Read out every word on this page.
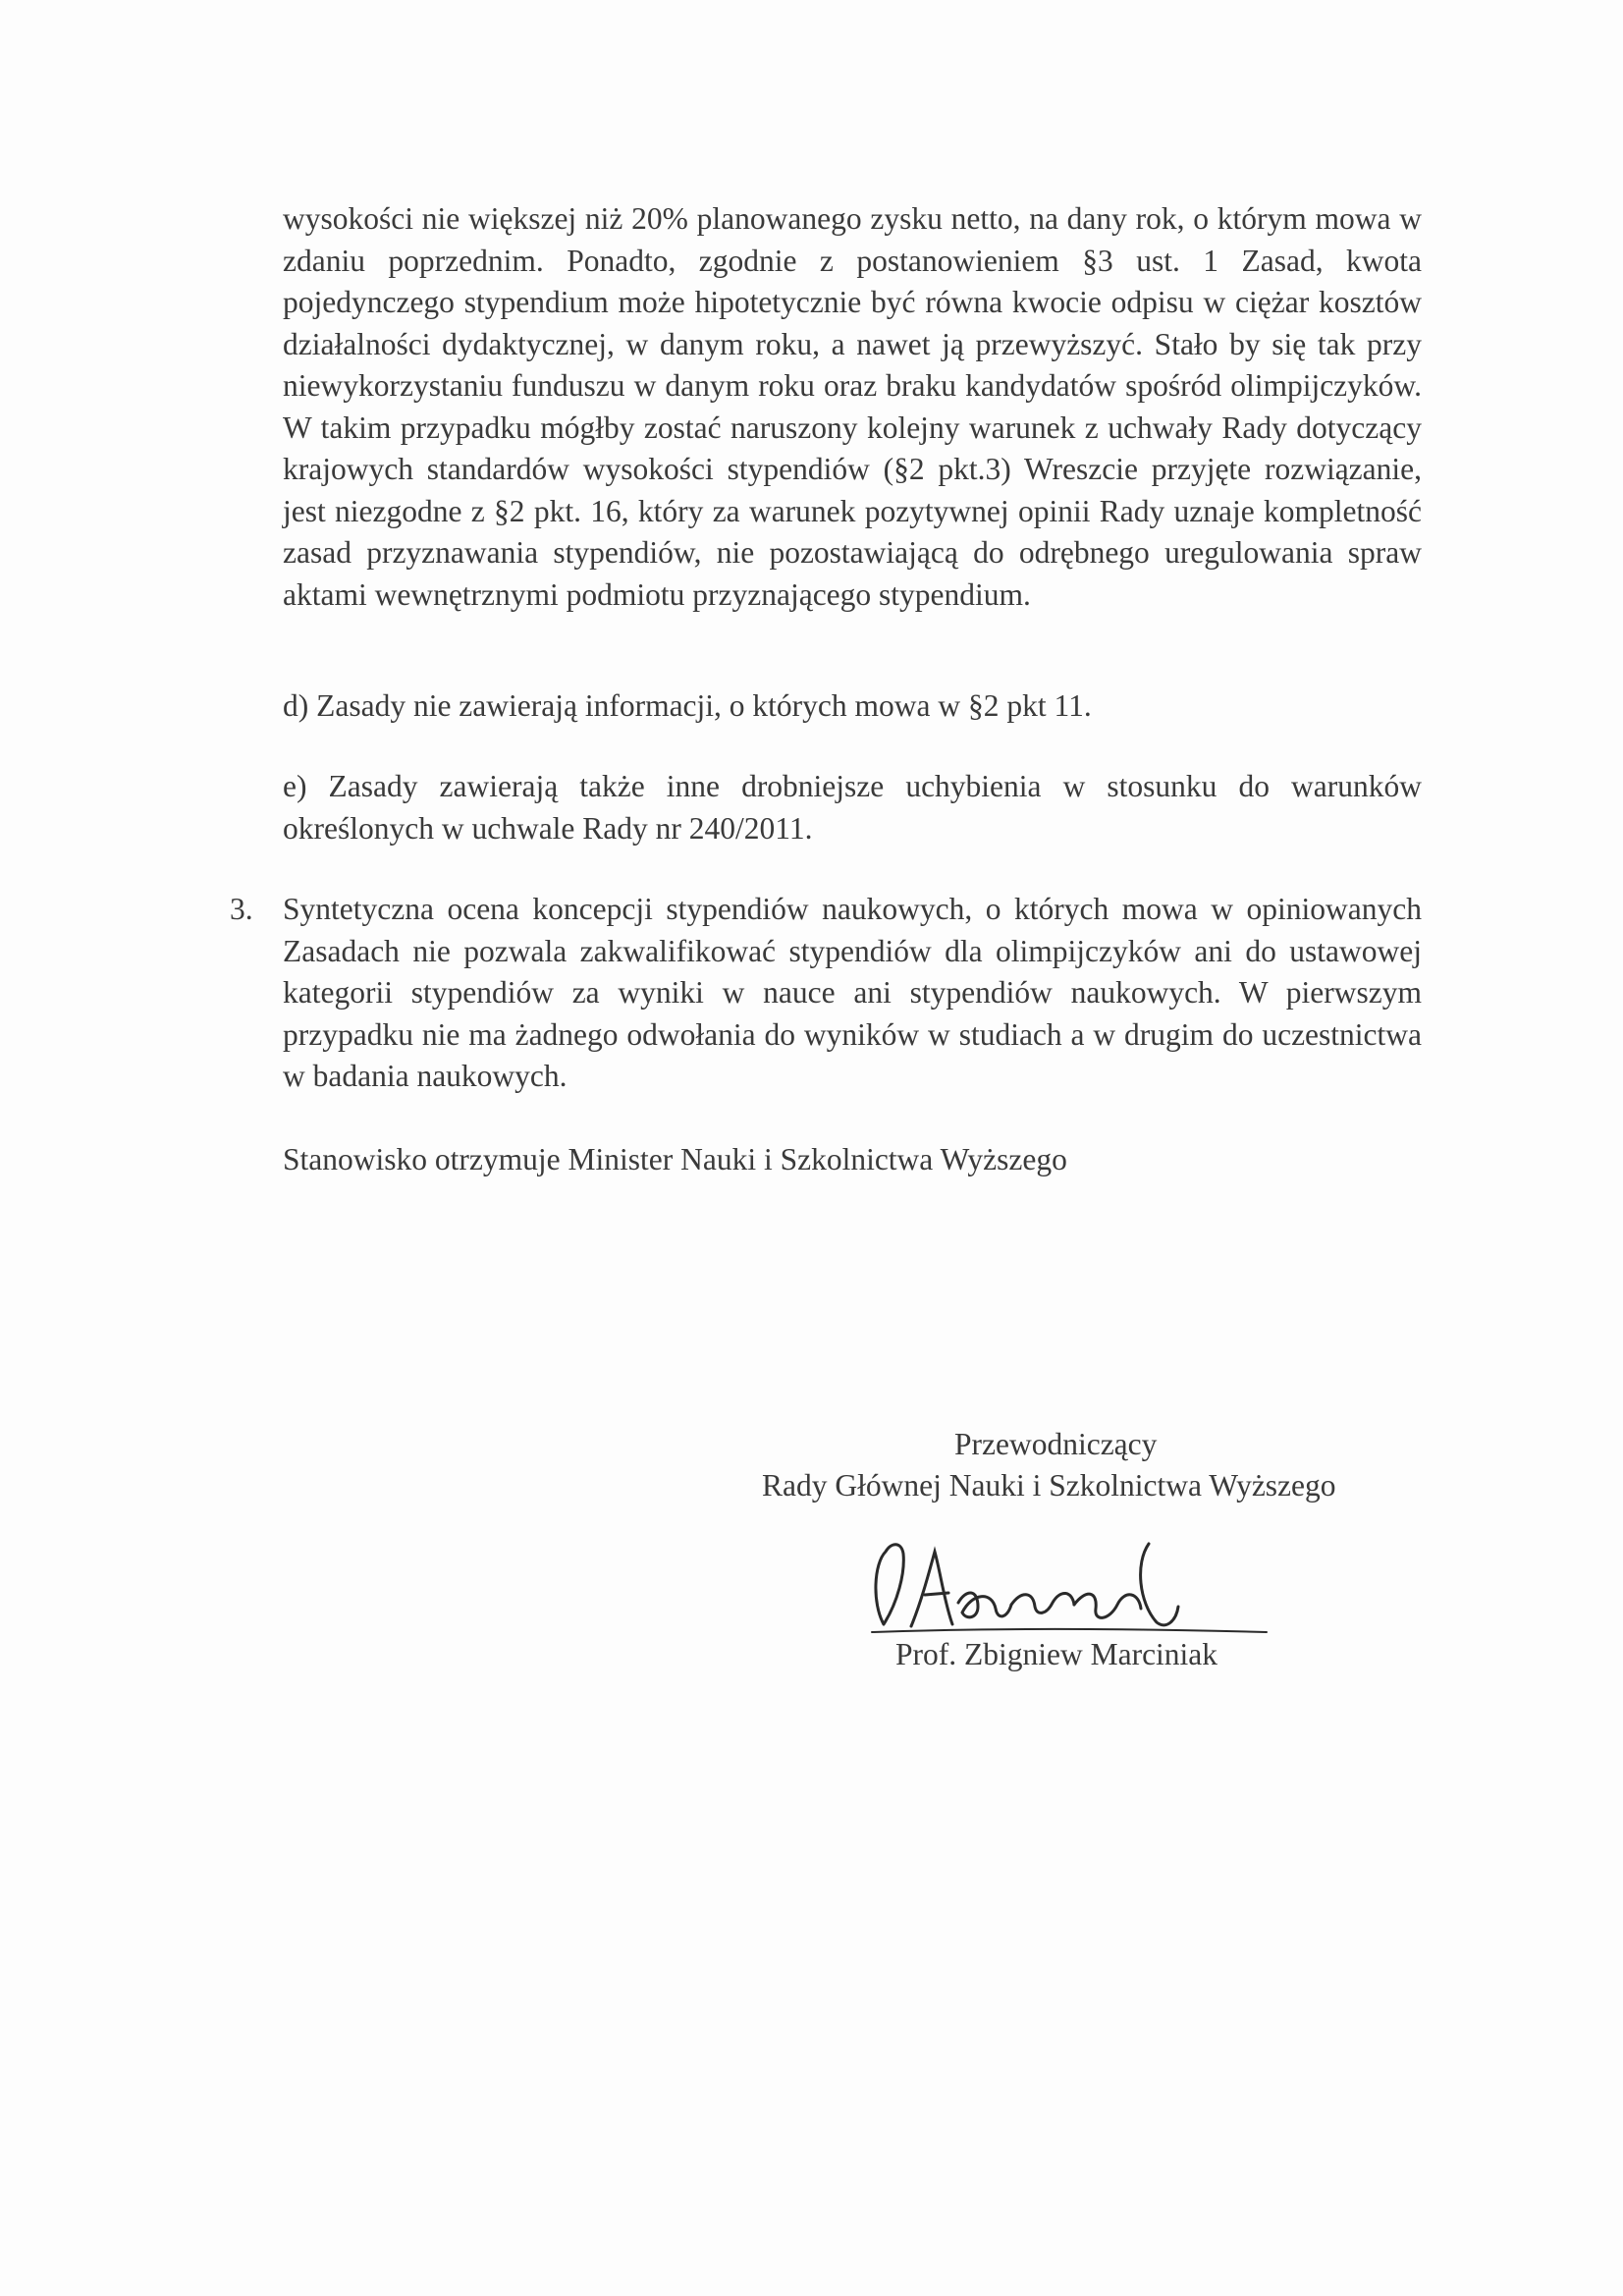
wysokości nie większej niż 20% planowanego zysku netto, na dany rok, o którym mowa w zdaniu poprzednim. Ponadto, zgodnie z postanowieniem §3 ust. 1 Zasad, kwota pojedynczego stypendium może hipotetycznie być równa kwocie odpisu w ciężar kosztów działalności dydaktycznej, w danym roku, a nawet ją przewyższyć. Stało by się tak przy niewykorzystaniu funduszu w danym roku oraz braku kandydatów spośród olimpijczyków. W takim przypadku mógłby zostać naruszony kolejny warunek z uchwały Rady dotyczący krajowych standardów wysokości stypendiów (§2 pkt.3) Wreszcie przyjęte rozwiązanie, jest niezgodne z §2 pkt. 16, który za warunek pozytywnej opinii Rady uznaje kompletność zasad przyznawania stypendiów, nie pozostawiającą do odrębnego uregulowania spraw aktami wewnętrznymi podmiotu przyznającego stypendium.

d) Zasady nie zawierają informacji, o których mowa w §2 pkt 11.

e) Zasady zawierają także inne drobniejsze uchybienia w stosunku do warunków określonych w uchwale Rady nr 240/2011.

3. Syntetyczna ocena koncepcji stypendiów naukowych, o których mowa w opiniowanych Zasadach nie pozwala zakwalifikować stypendiów dla olimpijczyków ani do ustawowej kategorii stypendiów za wyniki w nauce ani stypendiów naukowych. W pierwszym przypadku nie ma żadnego odwołania do wyników w studiach a w drugim do uczestnictwa w badania naukowych.

Stanowisko otrzymuje Minister Nauki i Szkolnictwa Wyższego
Przewodniczący
Rady Głównej Nauki i Szkolnictwa Wyższego
Prof. Zbigniew Marciniak
